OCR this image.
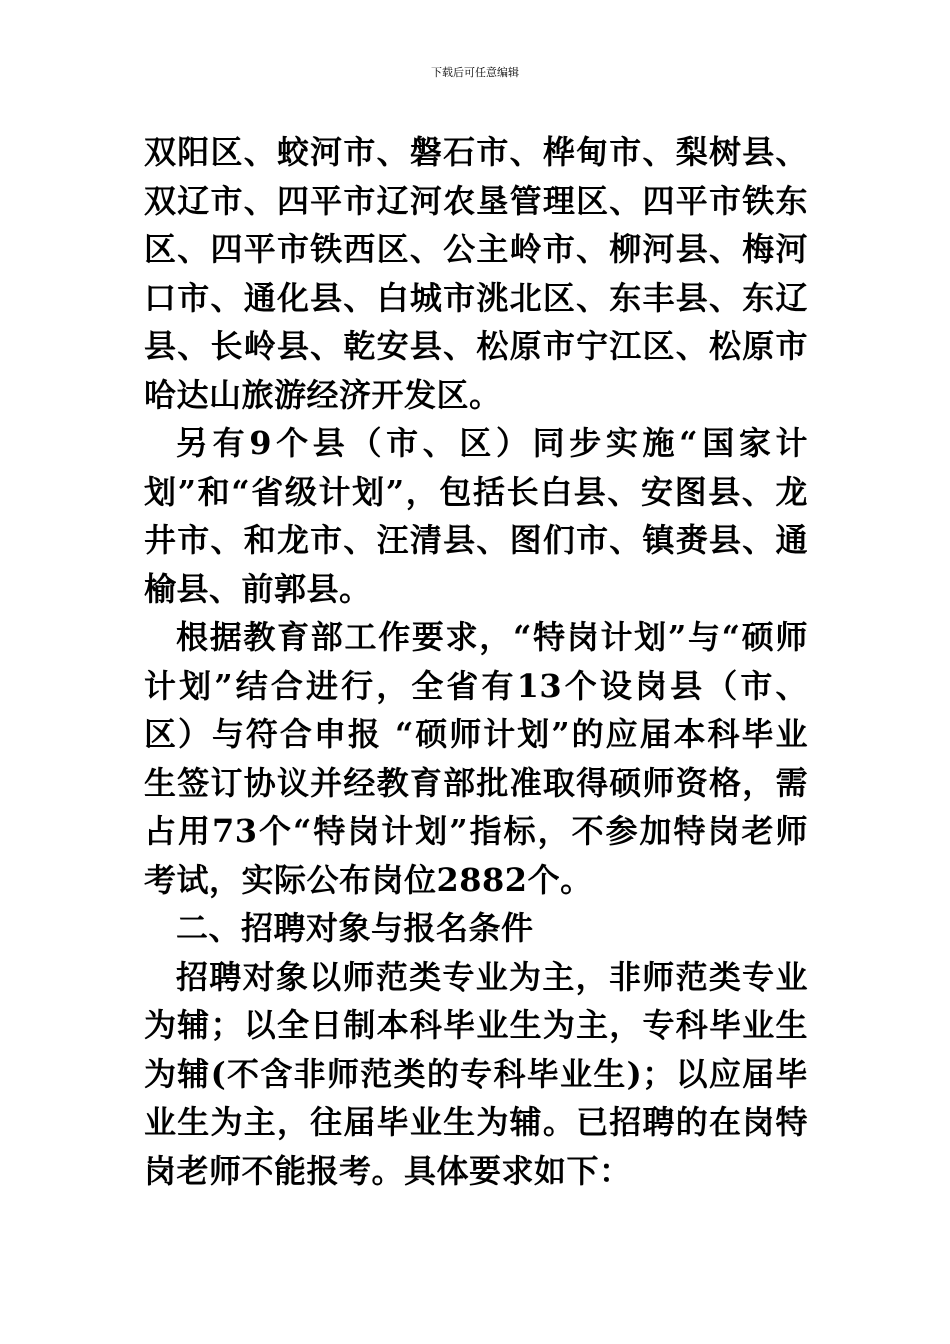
下载后可任意编辑

双阳区、蛟河市、磐石市、桦甸市、梨树县、双辽市、四平市辽河农垦管理区、四平市铁东区、四平市铁西区、公主岭市、柳河县、梅河口市、通化县、白城市洮北区、东丰县、东辽县、长岭县、乾安县、松原市宁江区、松原市哈达山旅游经济开发区。

另有9个县（市、区）同步实施“国家计划”和“省级计划”，包括长白县、安图县、龙井市、和龙市、汪清县、图们市、镇赉县、通榆县、前郭县。

根据教育部工作要求，“特岗计划”与“硕师计划”结合进行，全省有13个设岗县（市、区）与符合申报 “硕师计划”的应届本科毕业生签订协议并经教育部批准取得硕师资格，需占用73个“特岗计划”指标，不参加特岗老师考试，实际公布岗位2882个。

二、招聘对象与报名条件

招聘对象以师范类专业为主，非师范类专业为辅；以全日制本科毕业生为主，专科毕业生为辅(不含非师范类的专科毕业生)；以应届毕业生为主，往届毕业生为辅。已招聘的在岗特岗老师不能报考。具体要求如下：
